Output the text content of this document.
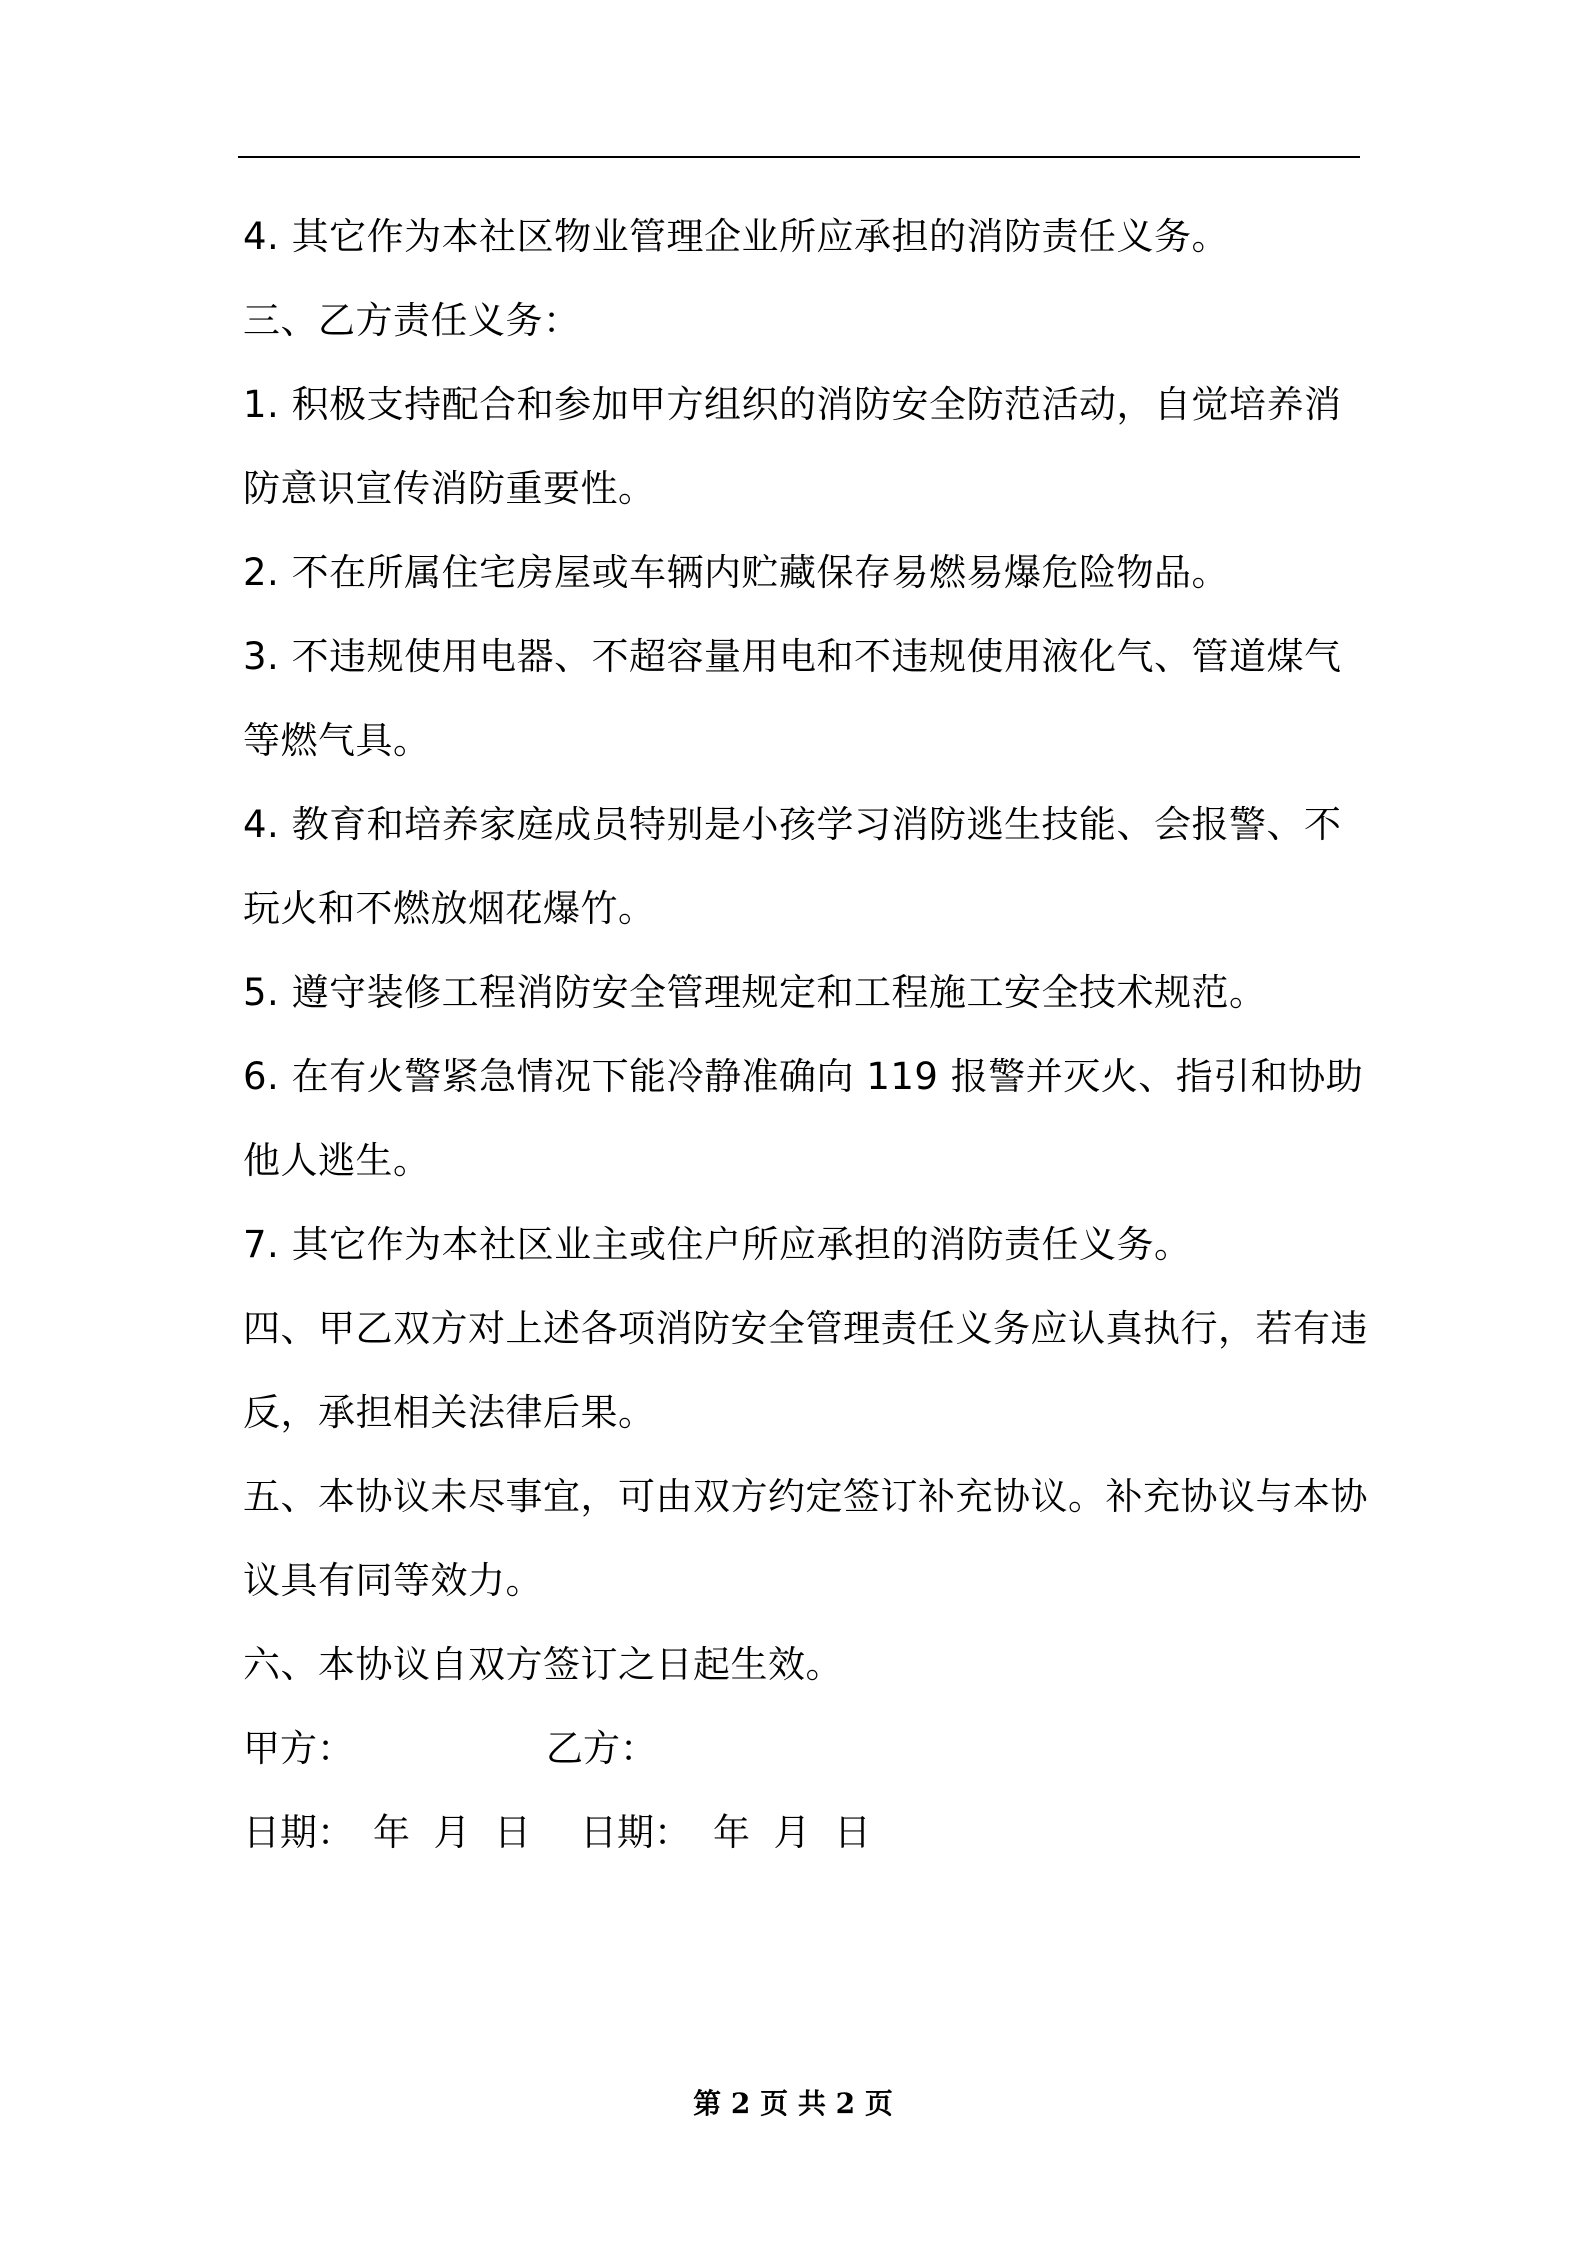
4. 其它作为本社区物业管理企业所应承担的消防责任义务。
三、乙方责任义务：
1. 积极支持配合和参加甲方组织的消防安全防范活动，自觉培养消
防意识宣传消防重要性。
2. 不在所属住宅房屋或车辆内贮藏保存易燃易爆危险物品。
3. 不违规使用电器、不超容量用电和不违规使用液化气、管道煤气
等燃气具。
4. 教育和培养家庭成员特别是小孩学习消防逃生技能、会报警、不
玩火和不燃放烟花爆竹。
5. 遵守装修工程消防安全管理规定和工程施工安全技术规范。
6. 在有火警紧急情况下能冷静准确向 119 报警并灭火、指引和协助
他人逃生。
7. 其它作为本社区业主或住户所应承担的消防责任义务。
四、甲乙双方对上述各项消防安全管理责任义务应认真执行，若有违
反，承担相关法律后果。
五、本协议未尽事宜，可由双方约定签订补充协议。补充协议与本协
议具有同等效力。
六、本协议自双方签订之日起生效。
甲方：	乙方：
日期： 年  月  日 日期： 年  月  日
第 2 页 共 2 页
